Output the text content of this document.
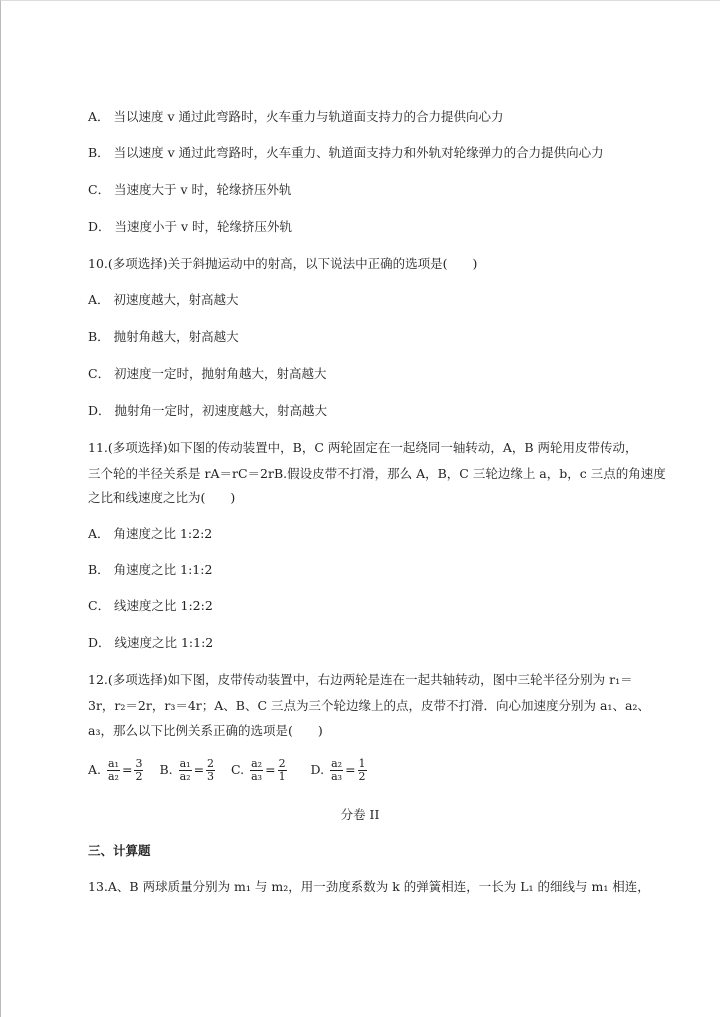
A． 当以速度 v 通过此弯路时，火车重力与轨道面支持力的合力提供向心力
B． 当以速度 v 通过此弯路时，火车重力、轨道面支持力和外轨对轮缘弹力的合力提供向心力
C． 当速度大于 v 时，轮缘挤压外轨
D． 当速度小于 v 时，轮缘挤压外轨
10.(多项选择)关于斜抛运动中的射高，以下说法中正确的选项是(　　)
A． 初速度越大，射高越大
B． 抛射角越大，射高越大
C． 初速度一定时，抛射角越大，射高越大
D． 抛射角一定时，初速度越大，射高越大
11.(多项选择)如下图的传动装置中，B，C 两轮固定在一起绕同一轴转动，A，B 两轮用皮带传动，
三个轮的半径关系是 rA＝rC＝2rB.假设皮带不打滑，那么 A，B，C 三轮边缘上 a，b，c 三点的角速度
之比和线速度之比为(　　)
A． 角速度之比 1:2:2
B． 角速度之比 1:1:2
C． 线速度之比 1:2:2
D． 线速度之比 1:1:2
12.(多项选择)如下图，皮带传动装置中，右边两轮是连在一起共轴转动，图中三轮半径分别为 r₁＝
3r，r₂＝2r，r₃＝4r；A、B、C 三点为三个轮边缘上的点，皮带不打滑．向心加速度分别为 a₁、a₂、
a₃，那么以下比例关系正确的选项是(　　)
A. $\frac{\text{a₁}}{\text{a₂}} = \frac{3}{2} B$. $\frac{\text{a₁}}{\text{a₂}} = \frac{2}{3} C$. $\frac{\text{a₂}}{\text{a₃}} = \frac{2}{1} D$. $\frac{\text{a₂}}{\text{a₃}} = \frac{1}{2}$
分卷 II
三、计算题
13.A、B 两球质量分别为 m₁ 与 m₂，用一劲度系数为 k 的弹簧相连，一长为 L₁ 的细线与 m₁ 相连，
